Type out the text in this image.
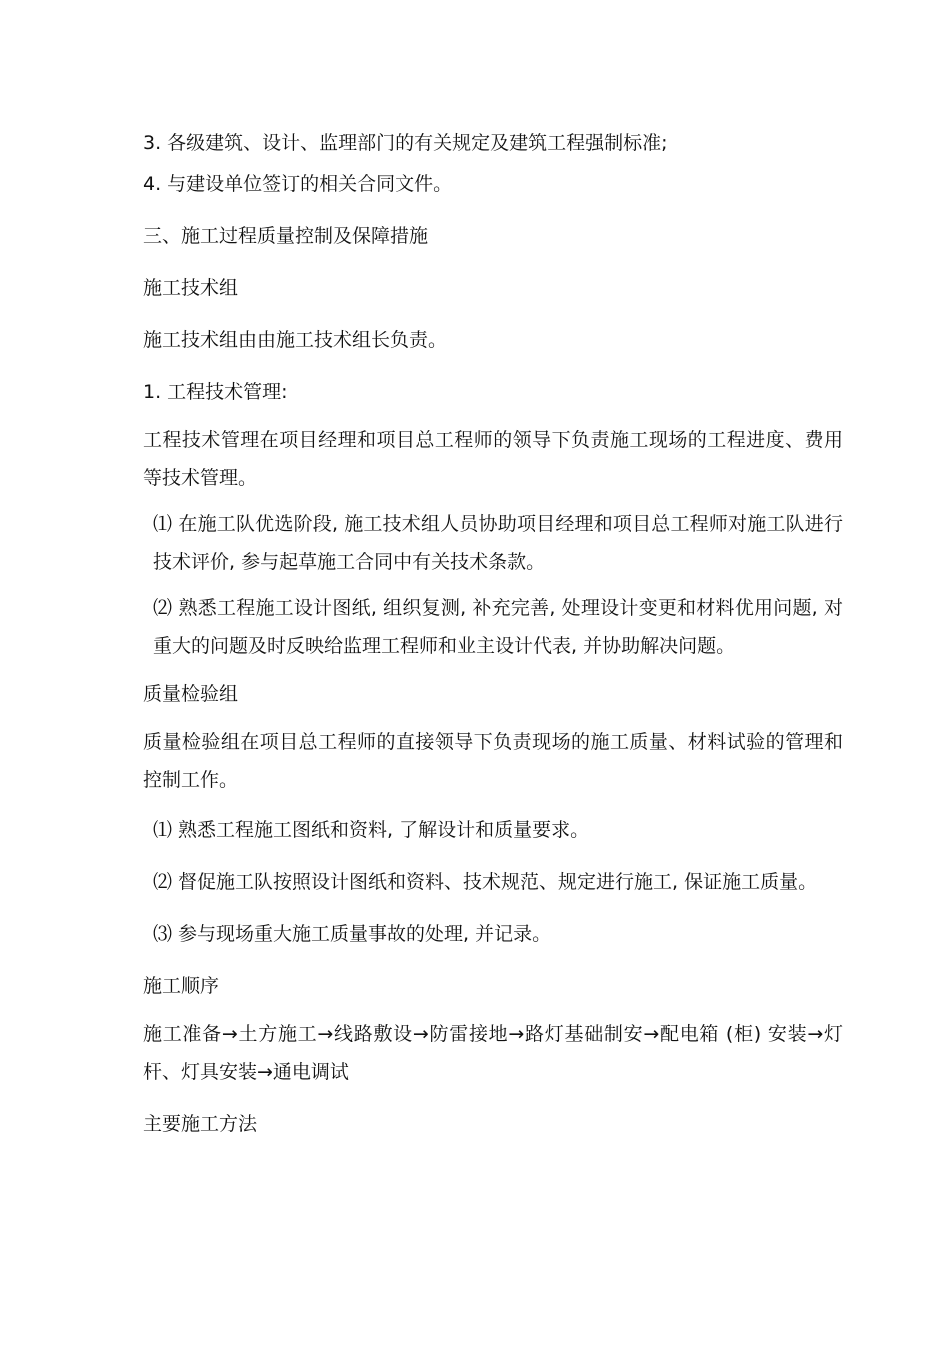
3. 各级建筑、设计、监理部门的有关规定及建筑工程强制标准;

4. 与建设单位签订的相关合同文件。

三、施工过程质量控制及保障措施

施工技术组

施工技术组由由施工技术组长负责。

1. 工程技术管理:

工程技术管理在项目经理和项目总工程师的领导下负责施工现场的工程进度、费用等技术管理。

⑴ 在施工队优选阶段, 施工技术组人员协助项目经理和项目总工程师对施工队进行技术评价, 参与起草施工合同中有关技术条款。

⑵ 熟悉工程施工设计图纸, 组织复测, 补充完善, 处理设计变更和材料优用问题, 对重大的问题及时反映给监理工程师和业主设计代表, 并协助解决问题。

质量检验组

质量检验组在项目总工程师的直接领导下负责现场的施工质量、材料试验的管理和控制工作。

⑴ 熟悉工程施工图纸和资料, 了解设计和质量要求。

⑵ 督促施工队按照设计图纸和资料、技术规范、规定进行施工, 保证施工质量。

⑶ 参与现场重大施工质量事故的处理, 并记录。

施工顺序

施工准备→土方施工→线路敷设→防雷接地→路灯基础制安→配电箱 (柜) 安装→灯杆、灯具安装→通电调试

主要施工方法
